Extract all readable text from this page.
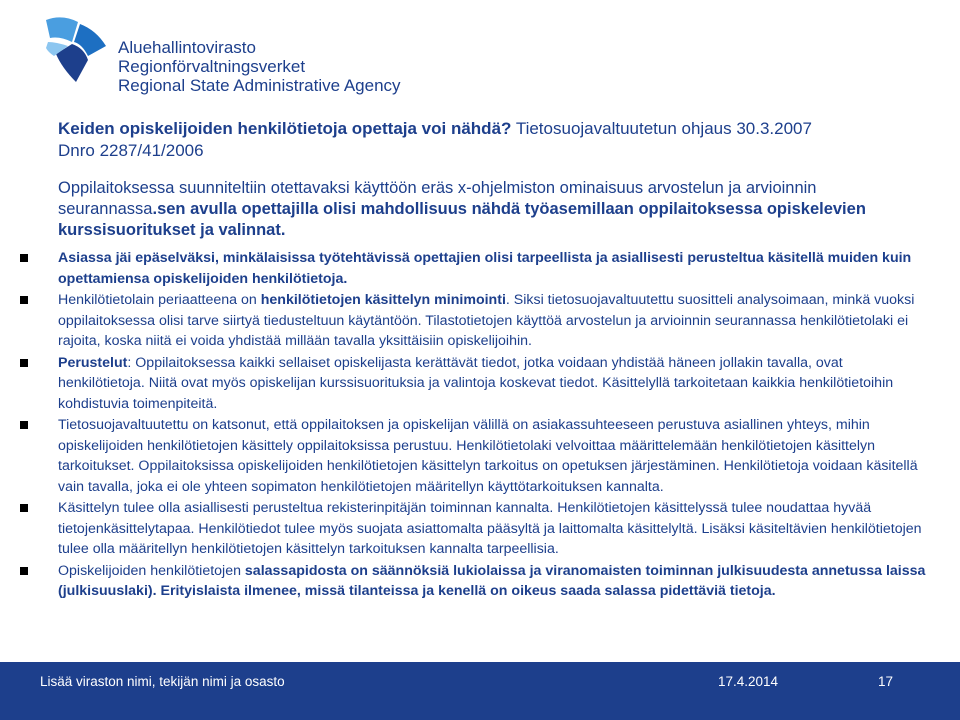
Aluehallintovirasto
Regionförvaltningsverket
Regional State Administrative Agency
Keiden opiskelijoiden henkilötietoja opettaja voi nähdä? Tietosuojavaltuutetun ohjaus 30.3.2007
Dnro 2287/41/2006
Oppilaitoksessa suunniteltiin otettavaksi käyttöön eräs x-ohjelmiston ominaisuus arvostelun ja arvioinnin seurannassa.sen avulla opettajilla olisi mahdollisuus nähdä työasemillaan oppilaitoksessa opiskelevien kurssisuoritukset ja valinnat.
Asiassa jäi epäselväksi, minkälaisissa työtehtävissä opettajien olisi tarpeellista ja asiallisesti perusteltua käsitellä muiden kuin opettamiensa opiskelijoiden henkilötietoja.
Henkilötietolain periaatteena on henkilötietojen käsittelyn minimointi. Siksi tietosuojavaltuutettu suositteli analysoimaan, minkä vuoksi oppilaitoksessa olisi tarve siirtyä tiedusteltuun käytäntöön. Tilastotietojen käyttöä arvostelun ja arvioinnin seurannassa henkilötietolaki ei rajoita, koska niitä ei voida yhdistää millään tavalla yksittäisiin opiskelijoihin.
Perustelut: Oppilaitoksessa kaikki sellaiset opiskelijasta kerättävät tiedot, jotka voidaan yhdistää häneen jollakin tavalla, ovat henkilötietoja. Niitä ovat myös opiskelijan kurssisuorituksia ja valintoja koskevat tiedot. Käsittelyllä tarkoitetaan kaikkia henkilötietoihin kohdistuvia toimenpiteitä.
Tietosuojavaltuutettu on katsonut, että oppilaitoksen ja opiskelijan välillä on asiakassuhteeseen perustuva asiallinen yhteys, mihin opiskelijoiden henkilötietojen käsittely oppilaitoksissa perustuu. Henkilötietolaki velvoittaa määrittelemään henkilötietojen käsittelyn tarkoitukset. Oppilaitoksissa opiskelijoiden henkilötietojen käsittelyn tarkoitus on opetuksen järjestäminen. Henkilötietoja voidaan käsitellä vain tavalla, joka ei ole yhteen sopimaton henkilötietojen määritellyn käyttötarkoituksen kannalta.
Käsittelyn tulee olla asiallisesti perusteltua rekisterinpitäjän toiminnan kannalta. Henkilötietojen käsittelyssä tulee noudattaa hyvää tietojenkäsittelytapaa. Henkilötiedot tulee myös suojata asiattomalta pääsyltä ja laittomalta käsittelyltä. Lisäksi käsiteltävien henkilötietojen tulee olla määritellyn henkilötietojen käsittelyn tarkoituksen kannalta tarpeellisia.
Opiskelijoiden henkilötietojen salassapidosta on säännöksiä lukiolaissa ja viranomaisten toiminnan julkisuudesta annetussa laissa (julkisuuslaki). Erityislaista ilmenee, missä tilanteissa ja kenellä on oikeus saada salassa pidettäviä tietoja.
Lisää viraston nimi, tekijän nimi ja osasto	17.4.2014	17
